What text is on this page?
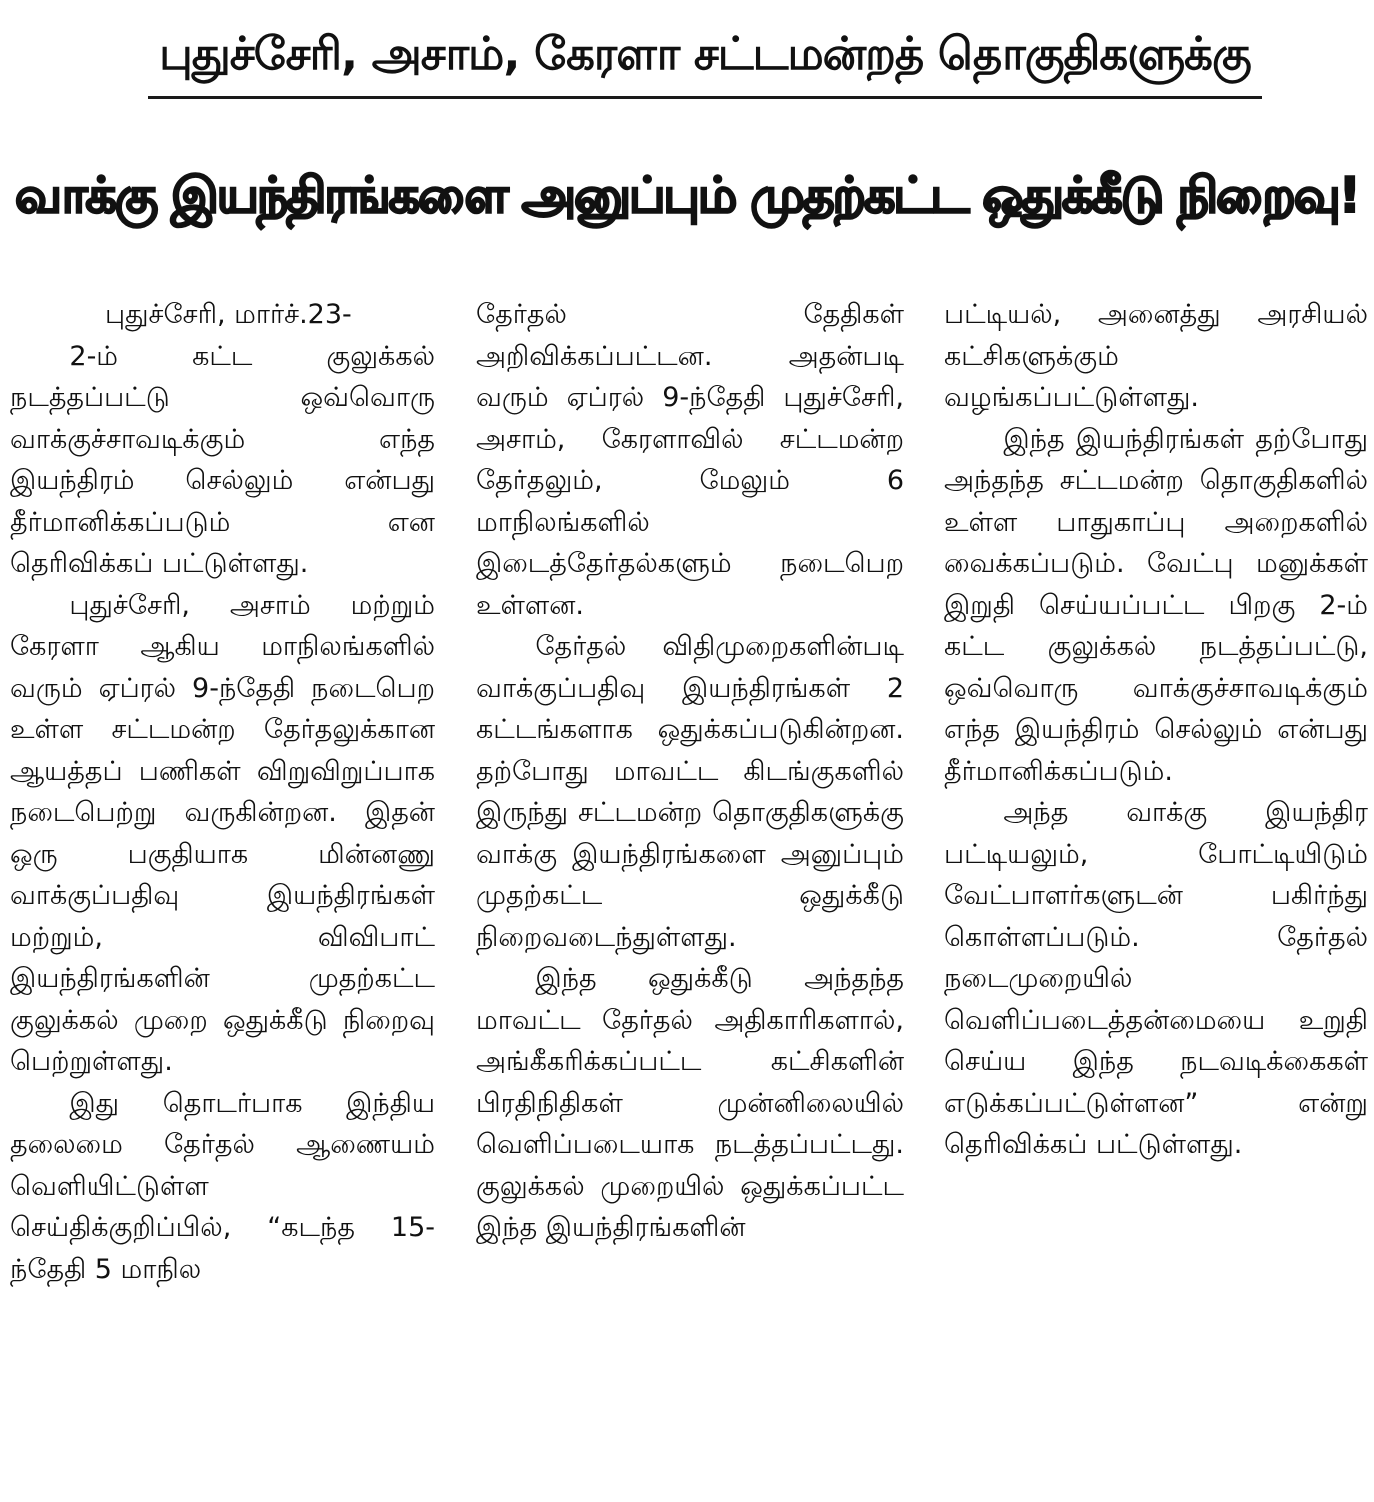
புதுச்சேரி, அசாம், கேரளா சட்டமன்றத் தொகுதிகளுக்கு
வாக்கு இயந்திரங்களை அனுப்பும் முதற்கட்ட ஒதுக்கீடு நிறைவு!

புதுச்சேரி, மார்ச்.23-

2-ம் கட்ட குலுக்கல் நடத்தப்பட்டு ஒவ்வொரு வாக்குச்சாவடிக்கும் எந்த இயந்திரம் செல்லும் என்பது தீர்மானிக்கப்படும் என தெரிவிக்கப் பட்டுள்ளது.

புதுச்சேரி, அசாம் மற்றும் கேரளா ஆகிய மாநிலங்களில் வரும் ஏப்ரல் 9-ந்தேதி நடைபெற உள்ள சட்டமன்ற தேர்தலுக்கான ஆயத்தப் பணிகள் விறுவிறுப்பாக நடைபெற்று வருகின்றன. இதன் ஒரு பகுதியாக மின்னணு வாக்குப்பதிவு இயந்திரங்கள் மற்றும், விவிபாட் இயந்திரங்களின் முதற்கட்ட குலுக்கல் முறை ஒதுக்கீடு நிறைவு பெற்றுள்ளது.

இது தொடர்பாக இந்திய தலைமை தேர்தல் ஆணையம் வெளியிட்டுள்ள செய்திக்குறிப்பில், “கடந்த 15-ந்தேதி 5 மாநில

தேர்தல் தேதிகள் அறிவிக்கப்பட்டன. அதன்படி வரும் ஏப்ரல் 9-ந்தேதி புதுச்சேரி, அசாம், கேரளாவில் சட்டமன்ற தேர்தலும், மேலும் 6 மாநிலங்களில் இடைத்தேர்தல்களும் நடைபெற உள்ளன.

தேர்தல் விதிமுறைகளின்படி வாக்குப்பதிவு இயந்திரங்கள் 2 கட்டங்களாக ஒதுக்கப்படுகின்றன. தற்போது மாவட்ட கிடங்குகளில் இருந்து சட்டமன்ற தொகுதிகளுக்கு வாக்கு இயந்திரங்களை அனுப்பும் முதற்கட்ட ஒதுக்கீடு நிறைவடைந்துள்ளது.

இந்த ஒதுக்கீடு அந்தந்த மாவட்ட தேர்தல் அதிகாரிகளால், அங்கீகரிக்கப்பட்ட கட்சிகளின் பிரதிநிதிகள் முன்னிலையில் வெளிப்படையாக நடத்தப்பட்டது. குலுக்கல் முறையில் ஒதுக்கப்பட்ட இந்த இயந்திரங்களின்

பட்டியல், அனைத்து அரசியல் கட்சிகளுக்கும் வழங்கப்பட்டுள்ளது.

இந்த இயந்திரங்கள் தற்போது அந்தந்த சட்டமன்ற தொகுதிகளில் உள்ள பாதுகாப்பு அறைகளில் வைக்கப்படும். வேட்பு மனுக்கள் இறுதி செய்யப்பட்ட பிறகு 2-ம் கட்ட குலுக்கல் நடத்தப்பட்டு, ஒவ்வொரு வாக்குச்சாவடிக்கும் எந்த இயந்திரம் செல்லும் என்பது தீர்மானிக்கப்படும்.

அந்த வாக்கு இயந்திர பட்டியலும், போட்டியிடும் வேட்பாளர்களுடன் பகிர்ந்து கொள்ளப்படும். தேர்தல் நடைமுறையில் வெளிப்படைத்தன்மையை உறுதி செய்ய இந்த நடவடிக்கைகள் எடுக்கப்பட்டுள்ளன” என்று தெரிவிக்கப் பட்டுள்ளது.
